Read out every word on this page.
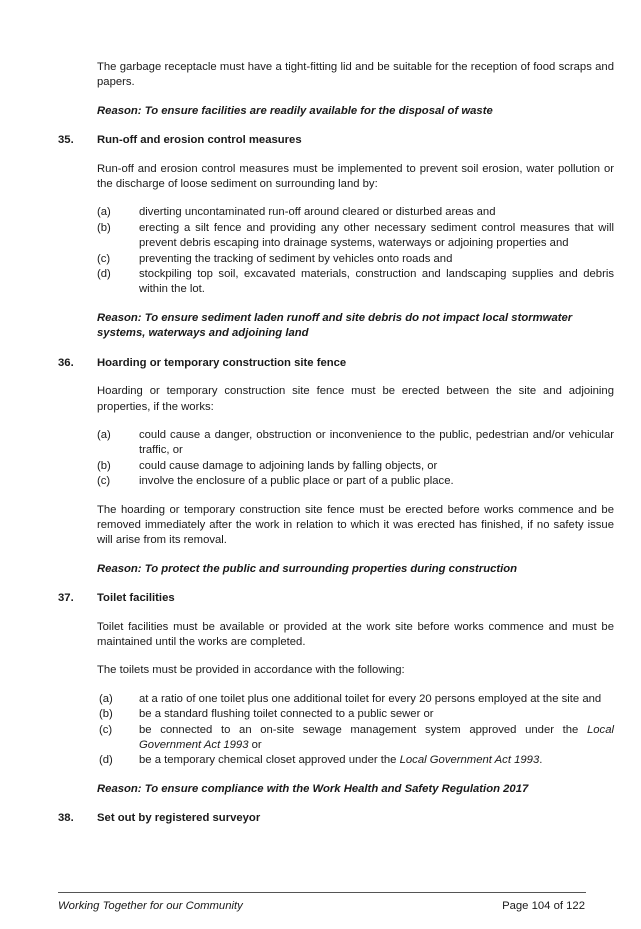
The garbage receptacle must have a tight-fitting lid and be suitable for the reception of food scraps and papers.

Reason: To ensure facilities are readily available for the disposal of waste
35.	Run-off and erosion control measures

Run-off and erosion control measures must be implemented to prevent soil erosion, water pollution or the discharge of loose sediment on surrounding land by:

(a)	diverting uncontaminated run-off around cleared or disturbed areas and
(b)	erecting a silt fence and providing any other necessary sediment control measures that will prevent debris escaping into drainage systems, waterways or adjoining properties and
(c)	preventing the tracking of sediment by vehicles onto roads and
(d)	stockpiling top soil, excavated materials, construction and landscaping supplies and debris within the lot.
Reason: To ensure sediment laden runoff and site debris do not impact local stormwater systems, waterways and adjoining land
36.	Hoarding or temporary construction site fence

Hoarding or temporary construction site fence must be erected between the site and adjoining properties, if the works:

(a)	could cause a danger, obstruction or inconvenience to the public, pedestrian and/or vehicular traffic, or
(b)	could cause damage to adjoining lands by falling objects, or
(c)	involve the enclosure of a public place or part of a public place.

The hoarding or temporary construction site fence must be erected before works commence and be removed immediately after the work in relation to which it was erected has finished, if no safety issue will arise from its removal.

Reason: To protect the public and surrounding properties during construction
37.	Toilet facilities

Toilet facilities must be available or provided at the work site before works commence and must be maintained until the works are completed.

The toilets must be provided in accordance with the following:

(a)	at a ratio of one toilet plus one additional toilet for every 20 persons employed at the site and
(b)	be a standard flushing toilet connected to a public sewer or
(c)	be connected to an on-site sewage management system approved under the Local Government Act 1993 or
(d)	be a temporary chemical closet approved under the Local Government Act 1993.
Reason: To ensure compliance with the Work Health and Safety Regulation 2017
38.	Set out by registered surveyor
Working Together for our Community	Page 104 of 122
